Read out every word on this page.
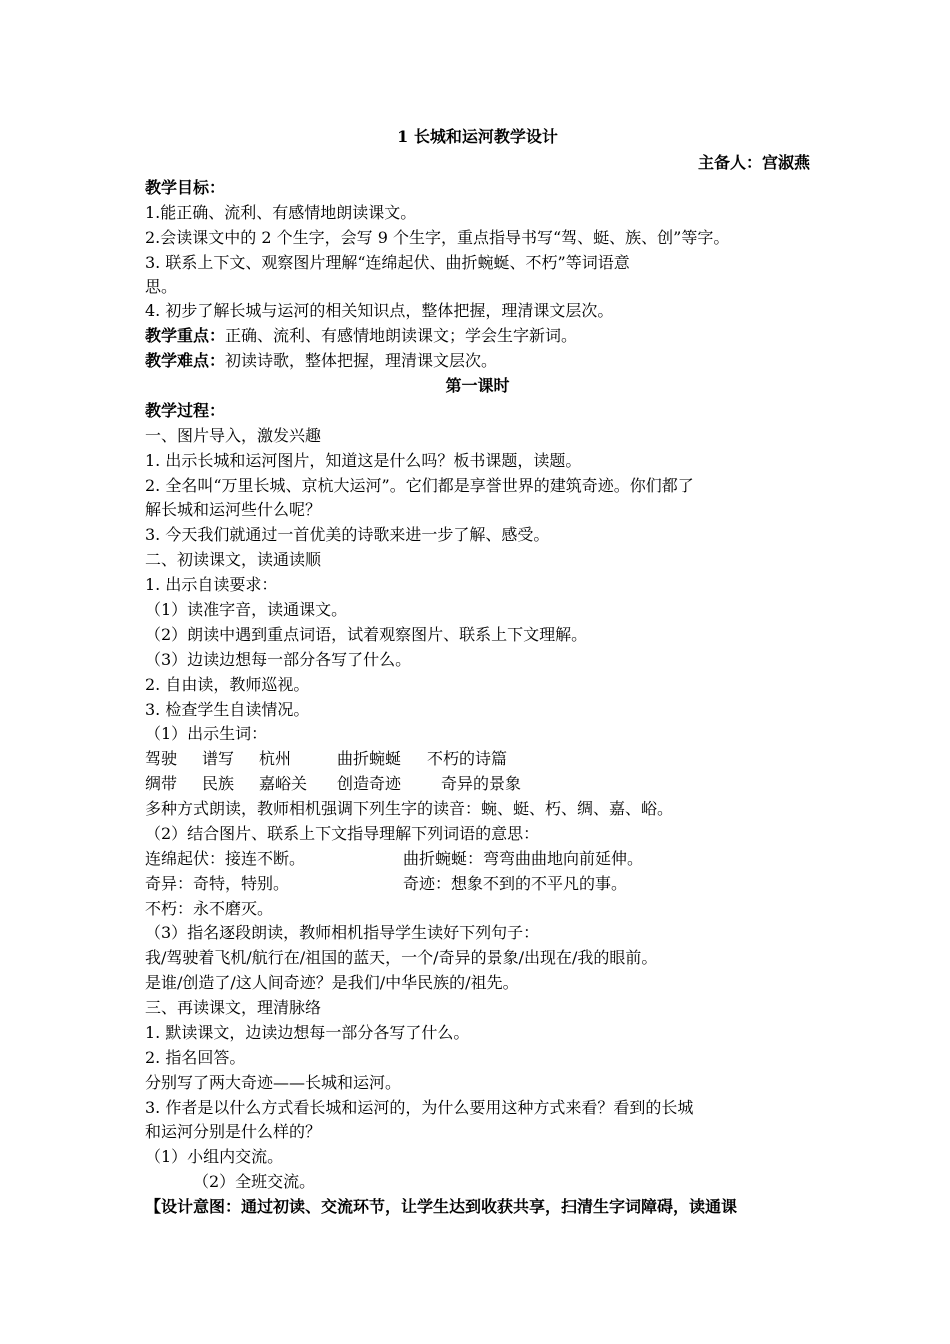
1 长城和运河教学设计
主备人：宫淑燕
教学目标：
1.能正确、流利、有感情地朗读课文。
2.会读课文中的 2 个生字，会写 9 个生字，重点指导书写“驾、蜓、族、创”等字。
3. 联系上下文、观察图片理解“连绵起伏、曲折蜿蜒、不朽”等词语意
思。
4. 初步了解长城与运河的相关知识点，整体把握，理清课文层次。
教学重点：正确、流利、有感情地朗读课文；学会生字新词。
教学难点：初读诗歌，整体把握，理清课文层次。
第一课时
教学过程：
一、图片导入，激发兴趣
1. 出示长城和运河图片，知道这是什么吗？板书课题，读题。
2. 全名叫“万里长城、京杭大运河”。它们都是享誉世界的建筑奇迹。你们都了
解长城和运河些什么呢？
3. 今天我们就通过一首优美的诗歌来进一步了解、感受。
二、初读课文，读通读顺
1. 出示自读要求：
（1）读准字音，读通课文。
（2）朗读中遇到重点词语，试着观察图片、联系上下文理解。
（3）边读边想每一部分各写了什么。
2. 自由读，教师巡视。
3. 检查学生自读情况。
（1）出示生词：
驾驶 谱写 杭州	曲折蜿蜒 不朽的诗篇
绸带 民族 嘉峪关 创造奇迹 奇异的景象
多种方式朗读，教师相机强调下列生字的读音：蜿、蜓、朽、绸、嘉、峪。
（2）结合图片、联系上下文指导理解下列词语的意思：
连绵起伏：接连不断。	曲折蜿蜒：弯弯曲曲地向前延伸。
奇异：奇特，特别。	奇迹：想象不到的不平凡的事。
不朽：永不磨灭。
（3）指名逐段朗读，教师相机指导学生读好下列句子：
我/驾驶着飞机/航行在/祖国的蓝天，一个/奇异的景象/出现在/我的眼前。
是谁/创造了/这人间奇迹？是我们/中华民族的/祖先。
三、再读课文，理清脉络
1. 默读课文，边读边想每一部分各写了什么。
2. 指名回答。
分别写了两大奇迹——长城和运河。
3. 作者是以什么方式看长城和运河的，为什么要用这种方式来看？看到的长城
和运河分别是什么样的？
（1）小组内交流。
（2）全班交流。
【设计意图：通过初读、交流环节，让学生达到收获共享，扫清生字词障碍，读通课
